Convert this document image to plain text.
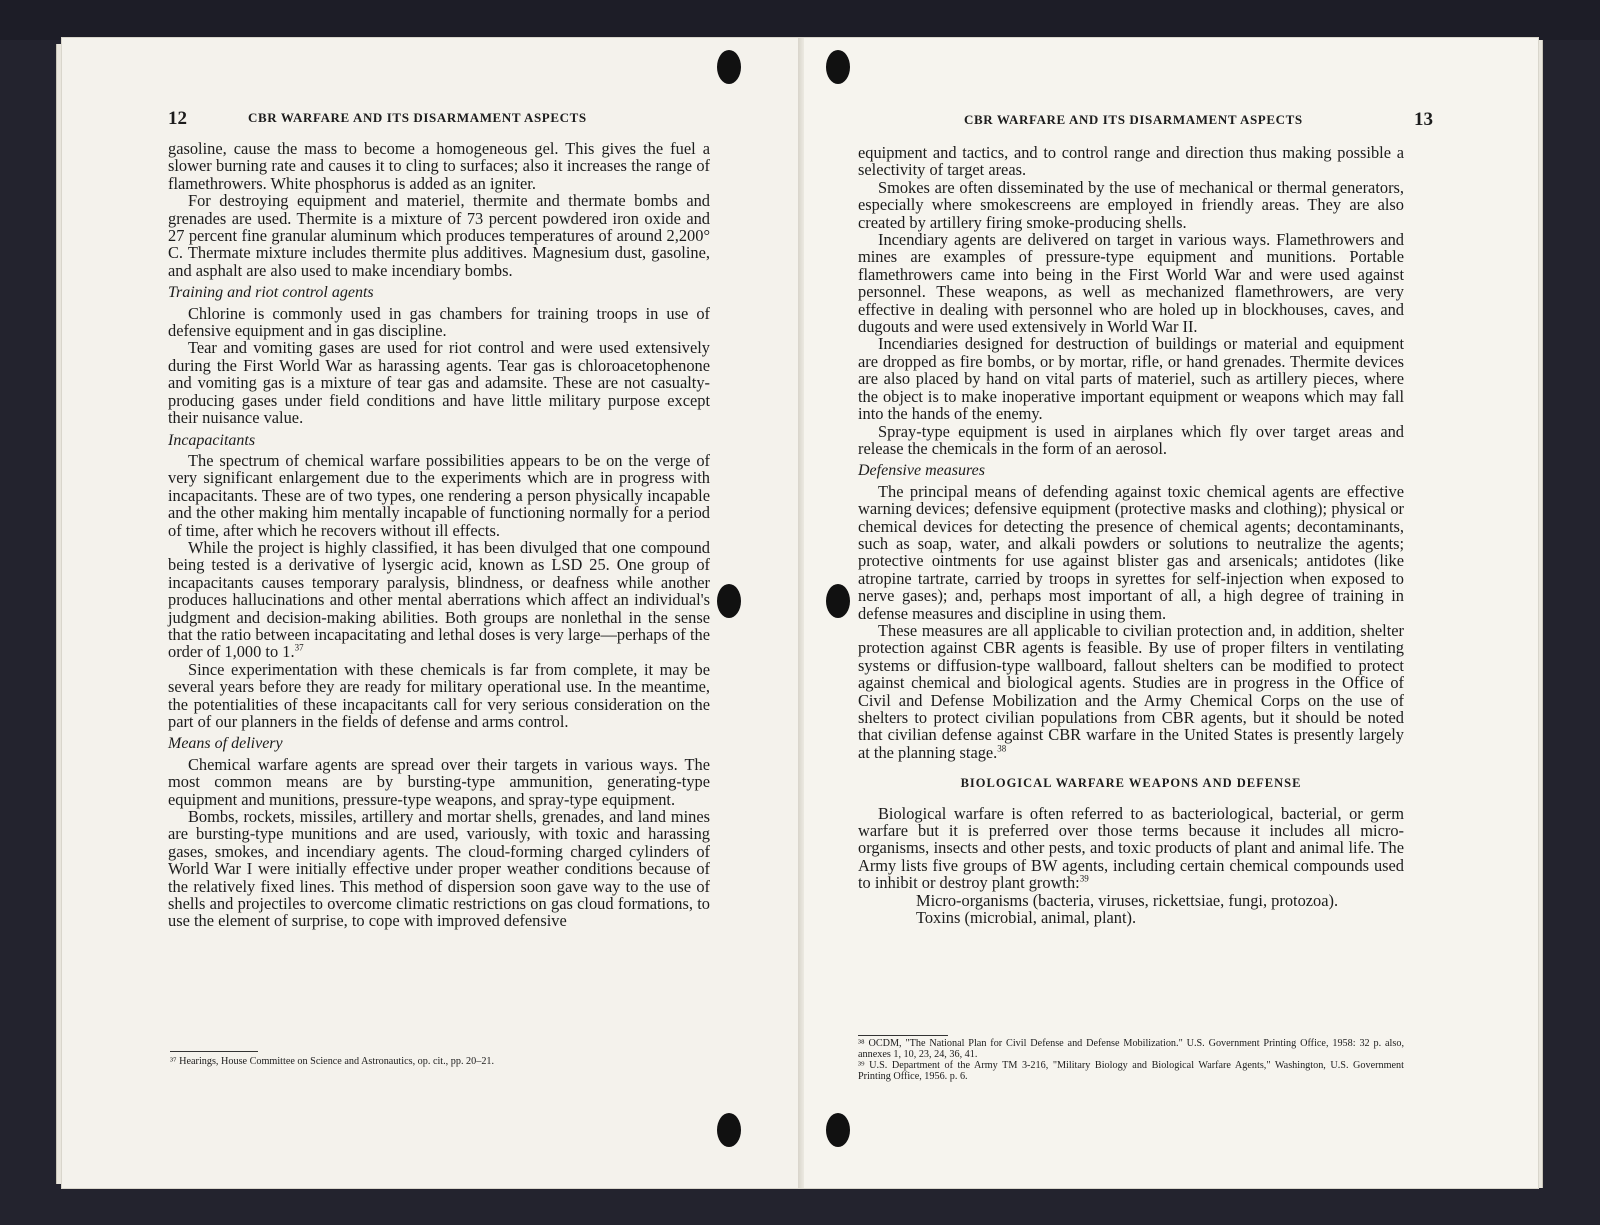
12	CBR WARFARE AND ITS DISARMAMENT ASPECTS

gasoline, cause the mass to become a homogeneous gel. This gives the fuel a slower burning rate and causes it to cling to surfaces; also it increases the range of flamethrowers. White phosphorus is added as an igniter.

For destroying equipment and materiel, thermite and thermate bombs and grenades are used. Thermite is a mixture of 73 percent powdered iron oxide and 27 percent fine granular aluminum which produces temperatures of around 2,200° C. Thermate mixture includes thermite plus additives. Magnesium dust, gasoline, and asphalt are also used to make incendiary bombs.

Training and riot control agents

Chlorine is commonly used in gas chambers for training troops in use of defensive equipment and in gas discipline.

Tear and vomiting gases are used for riot control and were used extensively during the First World War as harassing agents. Tear gas is chloroacetophenone and vomiting gas is a mixture of tear gas and adamsite. These are not casualty-producing gases under field conditions and have little military purpose except their nuisance value.

Incapacitants

The spectrum of chemical warfare possibilities appears to be on the verge of very significant enlargement due to the experiments which are in progress with incapacitants. These are of two types, one rendering a person physically incapable and the other making him mentally incapable of functioning normally for a period of time, after which he recovers without ill effects.

While the project is highly classified, it has been divulged that one compound being tested is a derivative of lysergic acid, known as LSD 25. One group of incapacitants causes temporary paralysis, blindness, or deafness while another produces hallucinations and other mental aberrations which affect an individual's judgment and decision-making abilities. Both groups are nonlethal in the sense that the ratio between incapacitating and lethal doses is very large—perhaps of the order of 1,000 to 1.37

Since experimentation with these chemicals is far from complete, it may be several years before they are ready for military operational use. In the meantime, the potentialities of these incapacitants call for very serious consideration on the part of our planners in the fields of defense and arms control.

Means of delivery

Chemical warfare agents are spread over their targets in various ways. The most common means are by bursting-type ammunition, generating-type equipment and munitions, pressure-type weapons, and spray-type equipment.

Bombs, rockets, missiles, artillery and mortar shells, grenades, and land mines are bursting-type munitions and are used, variously, with toxic and harassing gases, smokes, and incendiary agents. The cloud-forming charged cylinders of World War I were initially effective under proper weather conditions because of the relatively fixed lines. This method of dispersion soon gave way to the use of shells and projectiles to overcome climatic restrictions on gas cloud formations, to use the element of surprise, to cope with improved defensive

³⁷ Hearings, House Committee on Science and Astronautics, op. cit., pp. 20–21.

CBR WARFARE AND ITS DISARMAMENT ASPECTS	13

equipment and tactics, and to control range and direction thus making possible a selectivity of target areas.

Smokes are often disseminated by the use of mechanical or thermal generators, especially where smokescreens are employed in friendly areas. They are also created by artillery firing smoke-producing shells.

Incendiary agents are delivered on target in various ways. Flamethrowers and mines are examples of pressure-type equipment and munitions. Portable flamethrowers came into being in the First World War and were used against personnel. These weapons, as well as mechanized flamethrowers, are very effective in dealing with personnel who are holed up in blockhouses, caves, and dugouts and were used extensively in World War II.

Incendiaries designed for destruction of buildings or material and equipment are dropped as fire bombs, or by mortar, rifle, or hand grenades. Thermite devices are also placed by hand on vital parts of materiel, such as artillery pieces, where the object is to make inoperative important equipment or weapons which may fall into the hands of the enemy.

Spray-type equipment is used in airplanes which fly over target areas and release the chemicals in the form of an aerosol.

Defensive measures

The principal means of defending against toxic chemical agents are effective warning devices; defensive equipment (protective masks and clothing); physical or chemical devices for detecting the presence of chemical agents; decontaminants, such as soap, water, and alkali powders or solutions to neutralize the agents; protective ointments for use against blister gas and arsenicals; antidotes (like atropine tartrate, carried by troops in syrettes for self-injection when exposed to nerve gases); and, perhaps most important of all, a high degree of training in defense measures and discipline in using them.

These measures are all applicable to civilian protection and, in addition, shelter protection against CBR agents is feasible. By use of proper filters in ventilating systems or diffusion-type wallboard, fallout shelters can be modified to protect against chemical and biological agents. Studies are in progress in the Office of Civil and Defense Mobilization and the Army Chemical Corps on the use of shelters to protect civilian populations from CBR agents, but it should be noted that civilian defense against CBR warfare in the United States is presently largely at the planning stage.$^{38}$

BIOLOGICAL WARFARE WEAPONS AND DEFENSE

Biological warfare is often referred to as bacteriological, bacterial, or germ warfare but it is preferred over those terms because it includes all micro-organisms, insects and other pests, and toxic products of plant and animal life. The Army lists five groups of BW agents, including certain chemical compounds used to inhibit or destroy plant growth:$^{39}$

Micro-organisms (bacteria, viruses, rickettsiae, fungi, protozoa).

Toxins (microbial, animal, plant).

³⁸ OCDM, "The National Plan for Civil Defense and Defense Mobilization." U.S. Government Printing Office, 1958: 32 p. also, annexes 1, 10, 23, 24, 36, 41.

³⁹ U.S. Department of the Army TM 3-216, "Military Biology and Biological Warfare Agents," Washington, U.S. Government Printing Office, 1956. p. 6.
